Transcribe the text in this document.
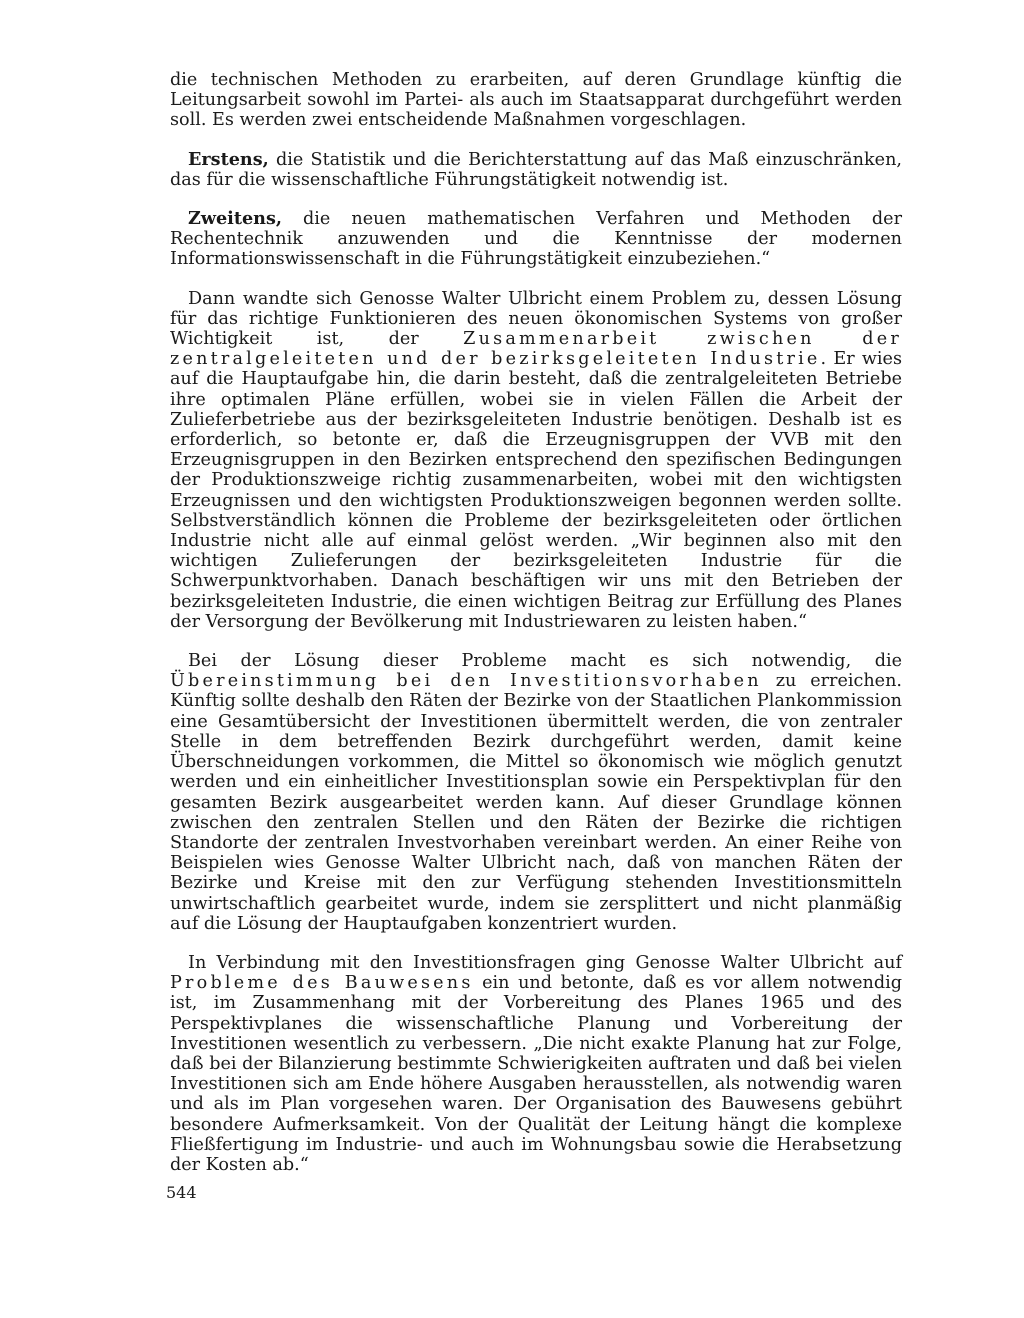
die technischen Methoden zu erarbeiten, auf deren Grundlage künftig die Leitungsarbeit sowohl im Partei- als auch im Staatsapparat durchgeführt werden soll. Es werden zwei entscheidende Maßnahmen vorgeschlagen.

Erstens, die Statistik und die Berichterstattung auf das Maß einzuschränken, das für die wissenschaftliche Führungstätigkeit notwendig ist.

Zweitens, die neuen mathematischen Verfahren und Methoden der Rechentechnik anzuwenden und die Kenntnisse der modernen Informationswissenschaft in die Führungstätigkeit einzubeziehen.“

Dann wandte sich Genosse Walter Ulbricht einem Problem zu, dessen Lösung für das richtige Funktionieren des neuen ökonomischen Systems von großer Wichtigkeit ist, der Zusammenarbeit zwischen der zentralgeleiteten und der bezirksgeleiteten Industrie. Er wies auf die Hauptaufgabe hin, die darin besteht, daß die zentralgeleiteten Betriebe ihre optimalen Pläne erfüllen, wobei sie in vielen Fällen die Arbeit der Zulieferbetriebe aus der bezirksgeleiteten Industrie benötigen. Deshalb ist es erforderlich, so betonte er, daß die Erzeugnisgruppen der VVB mit den Erzeugnisgruppen in den Bezirken entsprechend den spezifischen Bedingungen der Produktionszweige richtig zusammenarbeiten, wobei mit den wichtigsten Erzeugnissen und den wichtigsten Produktionszweigen begonnen werden sollte. Selbstverständlich können die Probleme der bezirksgeleiteten oder örtlichen Industrie nicht alle auf einmal gelöst werden. „Wir beginnen also mit den wichtigen Zulieferungen der bezirksgeleiteten Industrie für die Schwerpunktvorhaben. Danach beschäftigen wir uns mit den Betrieben der bezirksgeleiteten Industrie, die einen wichtigen Beitrag zur Erfüllung des Planes der Versorgung der Bevölkerung mit Industriewaren zu leisten haben.“

Bei der Lösung dieser Probleme macht es sich notwendig, die Übereinstimmung bei den Investitionsvorhaben zu erreichen. Künftig sollte deshalb den Räten der Bezirke von der Staatlichen Plankommission eine Gesamtübersicht der Investitionen übermittelt werden, die von zentraler Stelle in dem betreffenden Bezirk durchgeführt werden, damit keine Überschneidungen vorkommen, die Mittel so ökonomisch wie möglich genutzt werden und ein einheitlicher Investitionsplan sowie ein Perspektivplan für den gesamten Bezirk ausgearbeitet werden kann. Auf dieser Grundlage können zwischen den zentralen Stellen und den Räten der Bezirke die richtigen Standorte der zentralen Investvorhaben vereinbart werden. An einer Reihe von Beispielen wies Genosse Walter Ulbricht nach, daß von manchen Räten der Bezirke und Kreise mit den zur Verfügung stehenden Investitionsmitteln unwirtschaftlich gearbeitet wurde, indem sie zersplittert und nicht planmäßig auf die Lösung der Hauptaufgaben konzentriert wurden.

In Verbindung mit den Investitionsfragen ging Genosse Walter Ulbricht auf Probleme des Bauwesens ein und betonte, daß es vor allem notwendig ist, im Zusammenhang mit der Vorbereitung des Planes 1965 und des Perspektivplanes die wissenschaftliche Planung und Vorbereitung der Investitionen wesentlich zu verbessern. „Die nicht exakte Planung hat zur Folge, daß bei der Bilanzierung bestimmte Schwierigkeiten auftraten und daß bei vielen Investitionen sich am Ende höhere Ausgaben herausstellen, als notwendig waren und als im Plan vorgesehen waren. Der Organisation des Bauwesens gebührt besondere Aufmerksamkeit. Von der Qualität der Leitung hängt die komplexe Fließfertigung im Industrie- und auch im Wohnungsbau sowie die Herabsetzung der Kosten ab.“

544
